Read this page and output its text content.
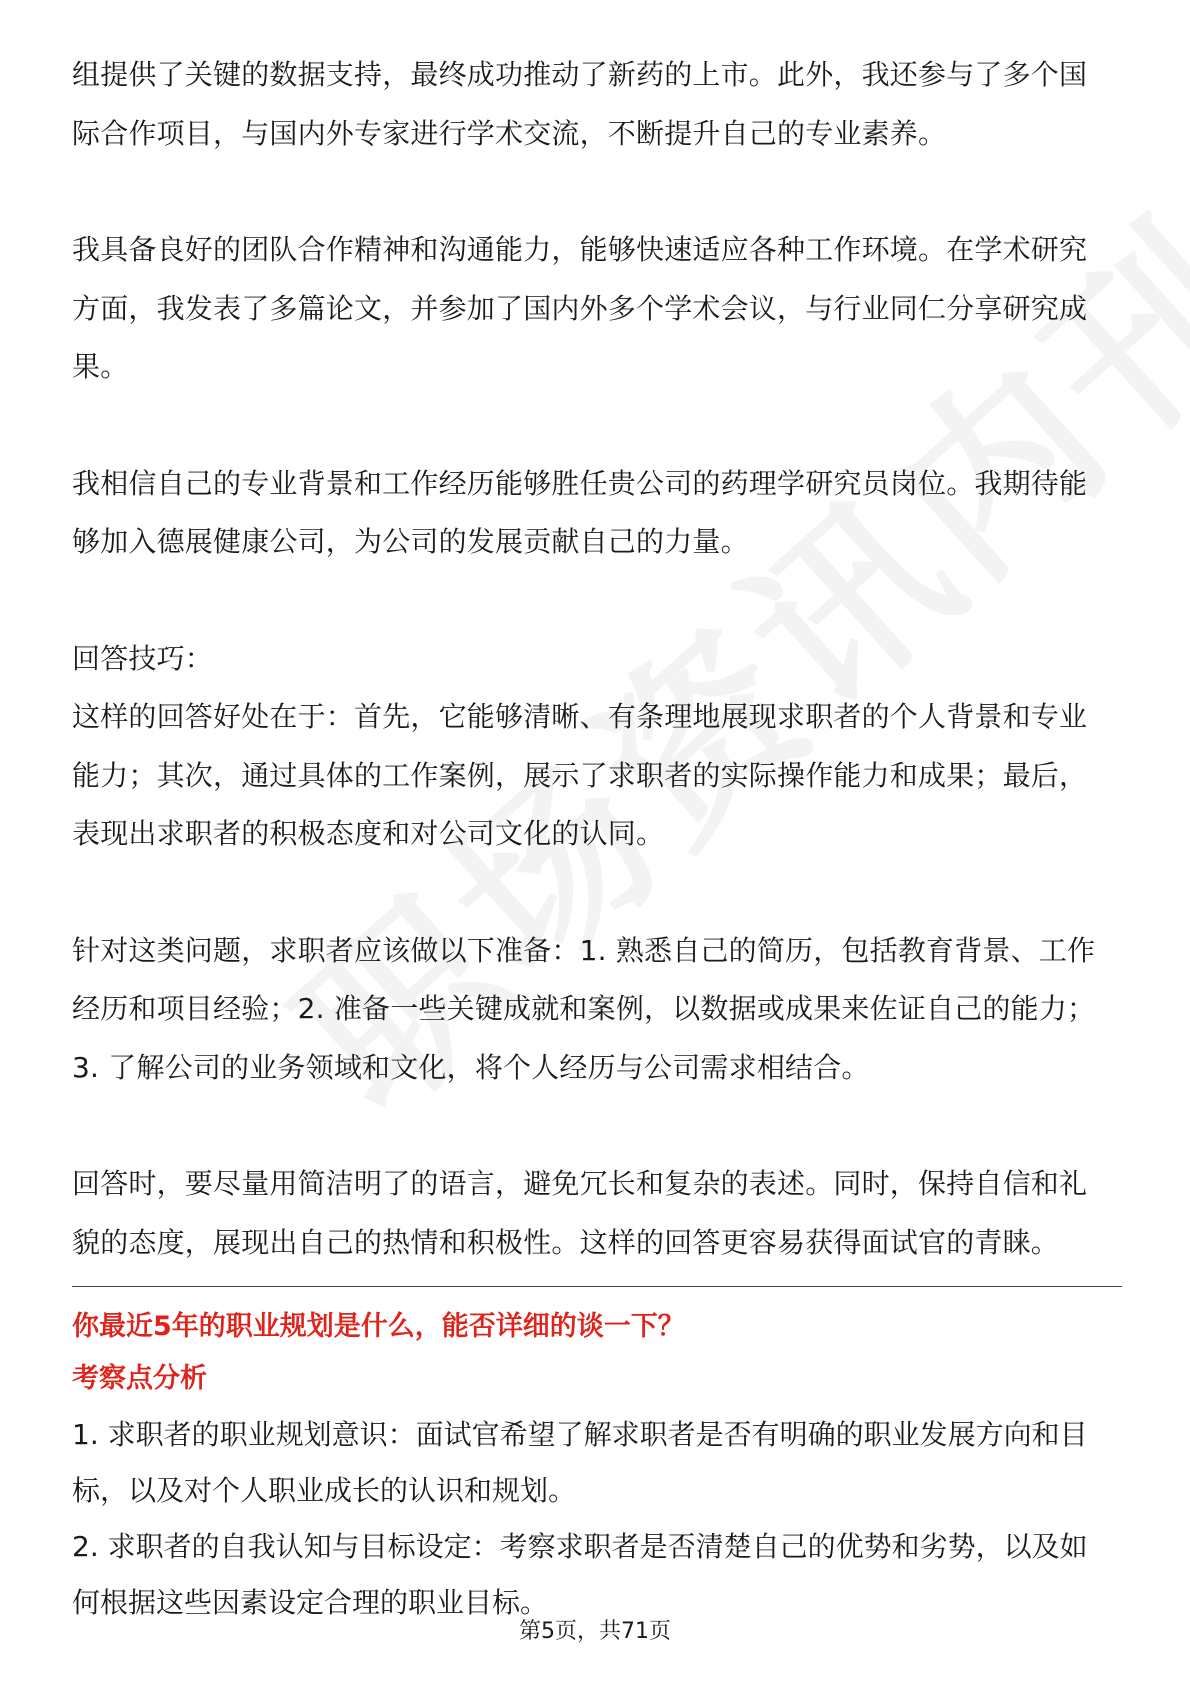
组提供了关键的数据支持，最终成功推动了新药的上市。此外，我还参与了多个国
际合作项目，与国内外专家进行学术交流，不断提升自己的专业素养。

我具备良好的团队合作精神和沟通能力，能够快速适应各种工作环境。在学术研究
方面，我发表了多篇论文，并参加了国内外多个学术会议，与行业同仁分享研究成
果。

我相信自己的专业背景和工作经历能够胜任贵公司的药理学研究员岗位。我期待能
够加入德展健康公司，为公司的发展贡献自己的力量。

回答技巧：

这样的回答好处在于：首先，它能够清晰、有条理地展现求职者的个人背景和专业
能力；其次，通过具体的工作案例，展示了求职者的实际操作能力和成果；最后，
表现出求职者的积极态度和对公司文化的认同。

针对这类问题，求职者应该做以下准备：1. 熟悉自己的简历，包括教育背景、工作
经历和项目经验；2. 准备一些关键成就和案例，以数据或成果来佐证自己的能力；
3. 了解公司的业务领域和文化，将个人经历与公司需求相结合。

回答时，要尽量用简洁明了的语言，避免冗长和复杂的表述。同时，保持自信和礼
貌的态度，展现出自己的热情和积极性。这样的回答更容易获得面试官的青睐。

你最近5年的职业规划是什么，能否详细的谈一下？

考察点分析

1. 求职者的职业规划意识：面试官希望了解求职者是否有明确的职业发展方向和目
标，以及对个人职业成长的认识和规划。

2. 求职者的自我认知与目标设定：考察求职者是否清楚自己的优势和劣势，以及如
何根据这些因素设定合理的职业目标。

第5页，共71页
